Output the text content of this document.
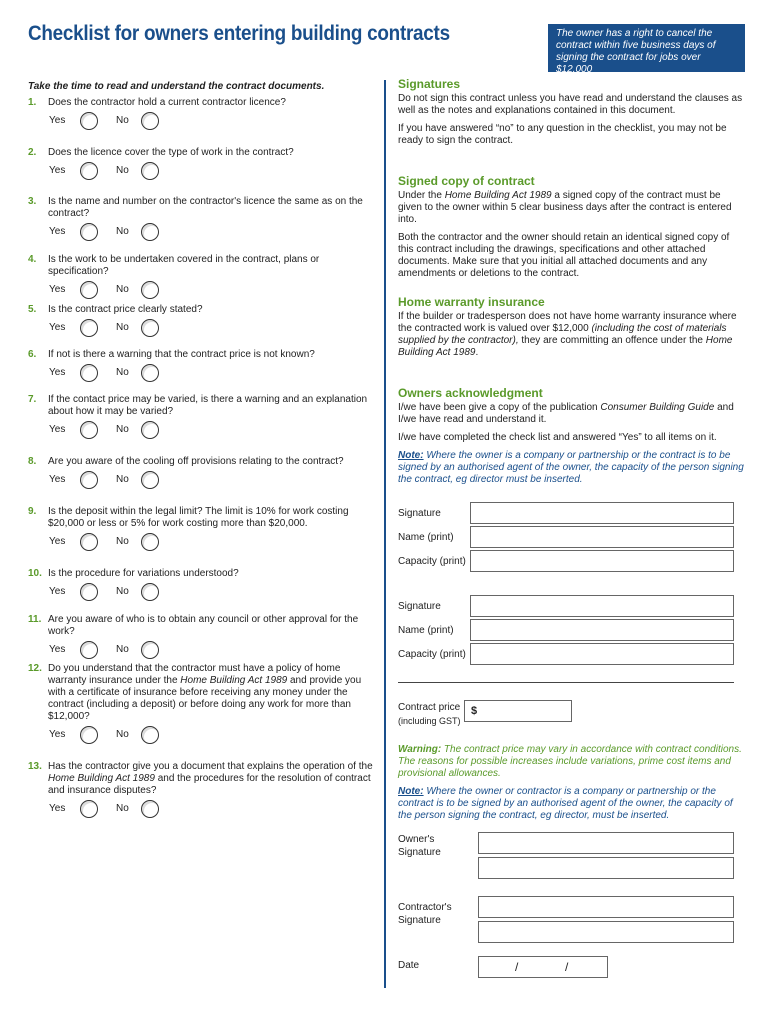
Checklist for owners entering building contracts	The owner has a right to cancel the contract within five business days of signing the contract for jobs over $12,000
Take the time to read and understand the contract documents.
1.	Does the contractor hold a current contractor licence?
Yes	No
2.	Does the licence cover the type of work in the contract?
Yes	No
3.	Is the name and number on the contractor's licence the same as on the contract?
Yes	No
4.	Is the work to be undertaken covered in the contract, plans or specification?
Yes	No
5.	Is the contract price clearly stated?
Yes	No
6.	If not is there a warning that the contract price is not known?
Yes	No
7.	If the contact price may be varied, is there a warning and an explanation about how it may be varied?
Yes	No
8.	Are you aware of the cooling off provisions relating to the contract?
Yes	No
9.	Is the deposit within the legal limit? The limit is 10% for work costing $20,000 or less or 5% for work costing more than $20,000.
Yes	No
10. Is the procedure for variations understood?
Yes	No
11. Are you aware of who is to obtain any council or other approval for the work?
Yes	No
12. Do you understand that the contractor must have a policy of home warranty insurance under the Home Building Act 1989 and provide you with a certificate of insurance before receiving any money under the contract (including a deposit) or before doing any work for more than $12,000?
Yes	No
13. Has the contractor give you a document that explains the operation of the Home Building Act 1989 and the procedures for the resolution of contract and insurance disputes?
Yes	No
Signatures
Do not sign this contract unless you have read and understand the clauses as well as the notes and explanations contained in this document.
If you have answered “no” to any question in the checklist, you may not be ready to sign the contract.
Signed copy of contract
Under the Home Building Act 1989 a signed copy of the contract must be given to the owner within 5 clear business days after the contract is entered into.
Both the contractor and the owner should retain an identical signed copy of this contract including the drawings, specifications and other attached documents. Make sure that you initial all attached documents and any amendments or deletions to the contract.
Home warranty insurance
If the builder or tradesperson does not have home warranty insurance where the contracted work is valued over $12,000 (including the cost of materials supplied by the contractor), they are committing an offence under the Home Building Act 1989.
Owners acknowledgment
I/we have been give a copy of the publication Consumer Building Guide and I/we have read and understand it.
I/we have completed the check list and answered “Yes” to all items on it.
Note: Where the owner is a company or partnership or the contract is to be signed by an authorised agent of the owner, the capacity of the person signing the contract, eg director must be inserted.
Signature
Name (print)
Capacity (print)
Signature
Name (print)
Capacity (print)
Contract price
(including GST)
$
Warning: The contract price may vary in accordance with contract conditions. The reasons for possible increases include variations, prime cost items and provisional allowances.
Note: Where the owner or contractor is a company or partnership or the contract is to be signed by an authorised agent of the owner, the capacity of the person signing the contract, eg director, must be inserted.
Owner's
Signature
Contractor's
Signature
Date	/	/
